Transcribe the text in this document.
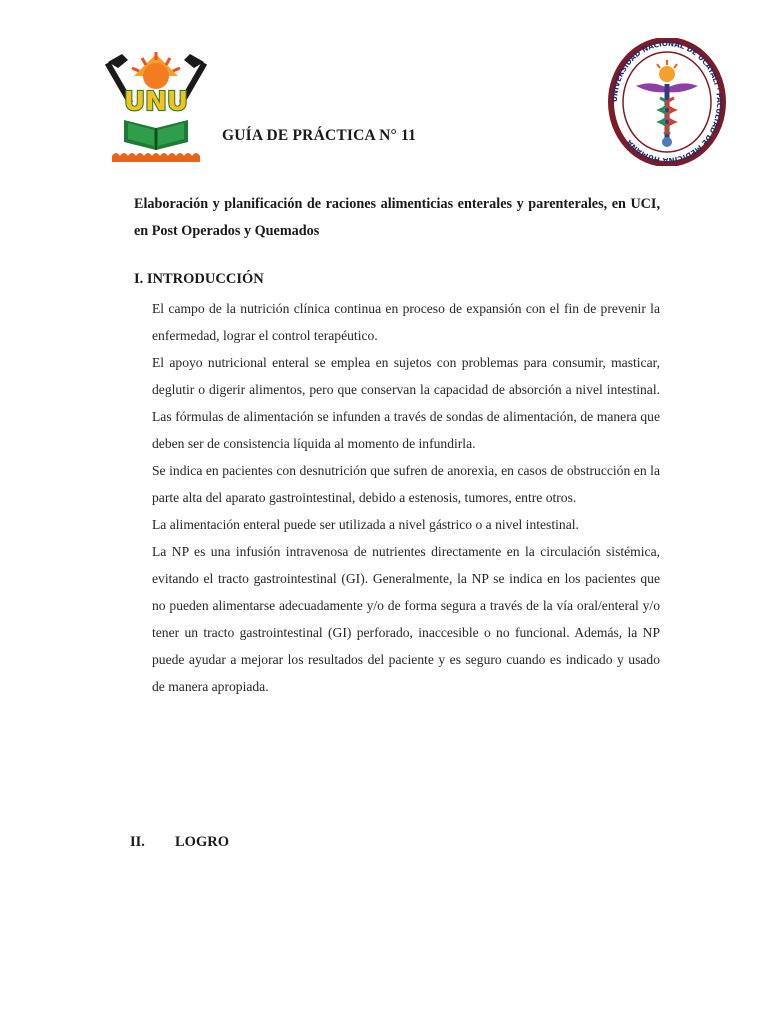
UNU	UNIVERSIDAD NACIONAL DE UCAYALI · FACULTAD DE MEDICINA HUMANA
GUÍA DE PRÁCTICA N° 11
Elaboración y planificación de raciones alimenticias enterales y parenterales, en UCI, en Post Operados y Quemados
I. INTRODUCCIÓN

El campo de la nutrición clínica continua en proceso de expansión con el fin de prevenir la enfermedad, lograr el control terapéutico.

El apoyo nutricional enteral se emplea en sujetos con problemas para consumir, masticar, deglutir o digerir alimentos, pero que conservan la capacidad de absorción a nivel intestinal. Las fórmulas de alimentación se infunden a través de sondas de alimentación, de manera que deben ser de consistencia líquida al momento de infundirla.

Se indica en pacientes con desnutrición que sufren de anorexia, en casos de obstrucción en la parte alta del aparato gastrointestinal, debido a estenosis, tumores, entre otros.

La alimentación enteral puede ser utilizada a nivel gástrico o a nivel intestinal.

La NP es una infusión intravenosa de nutrientes directamente en la circulación sistémica, evitando el tracto gastrointestinal (GI). Generalmente, la NP se indica en los pacientes que no pueden alimentarse adecuadamente y/o de forma segura a través de la vía oral/enteral y/o tener un tracto gastrointestinal (GI) perforado, inaccesible o no funcional. Además, la NP puede ayudar a mejorar los resultados del paciente y es seguro cuando es indicado y usado de manera apropiada.

II. LOGRO
